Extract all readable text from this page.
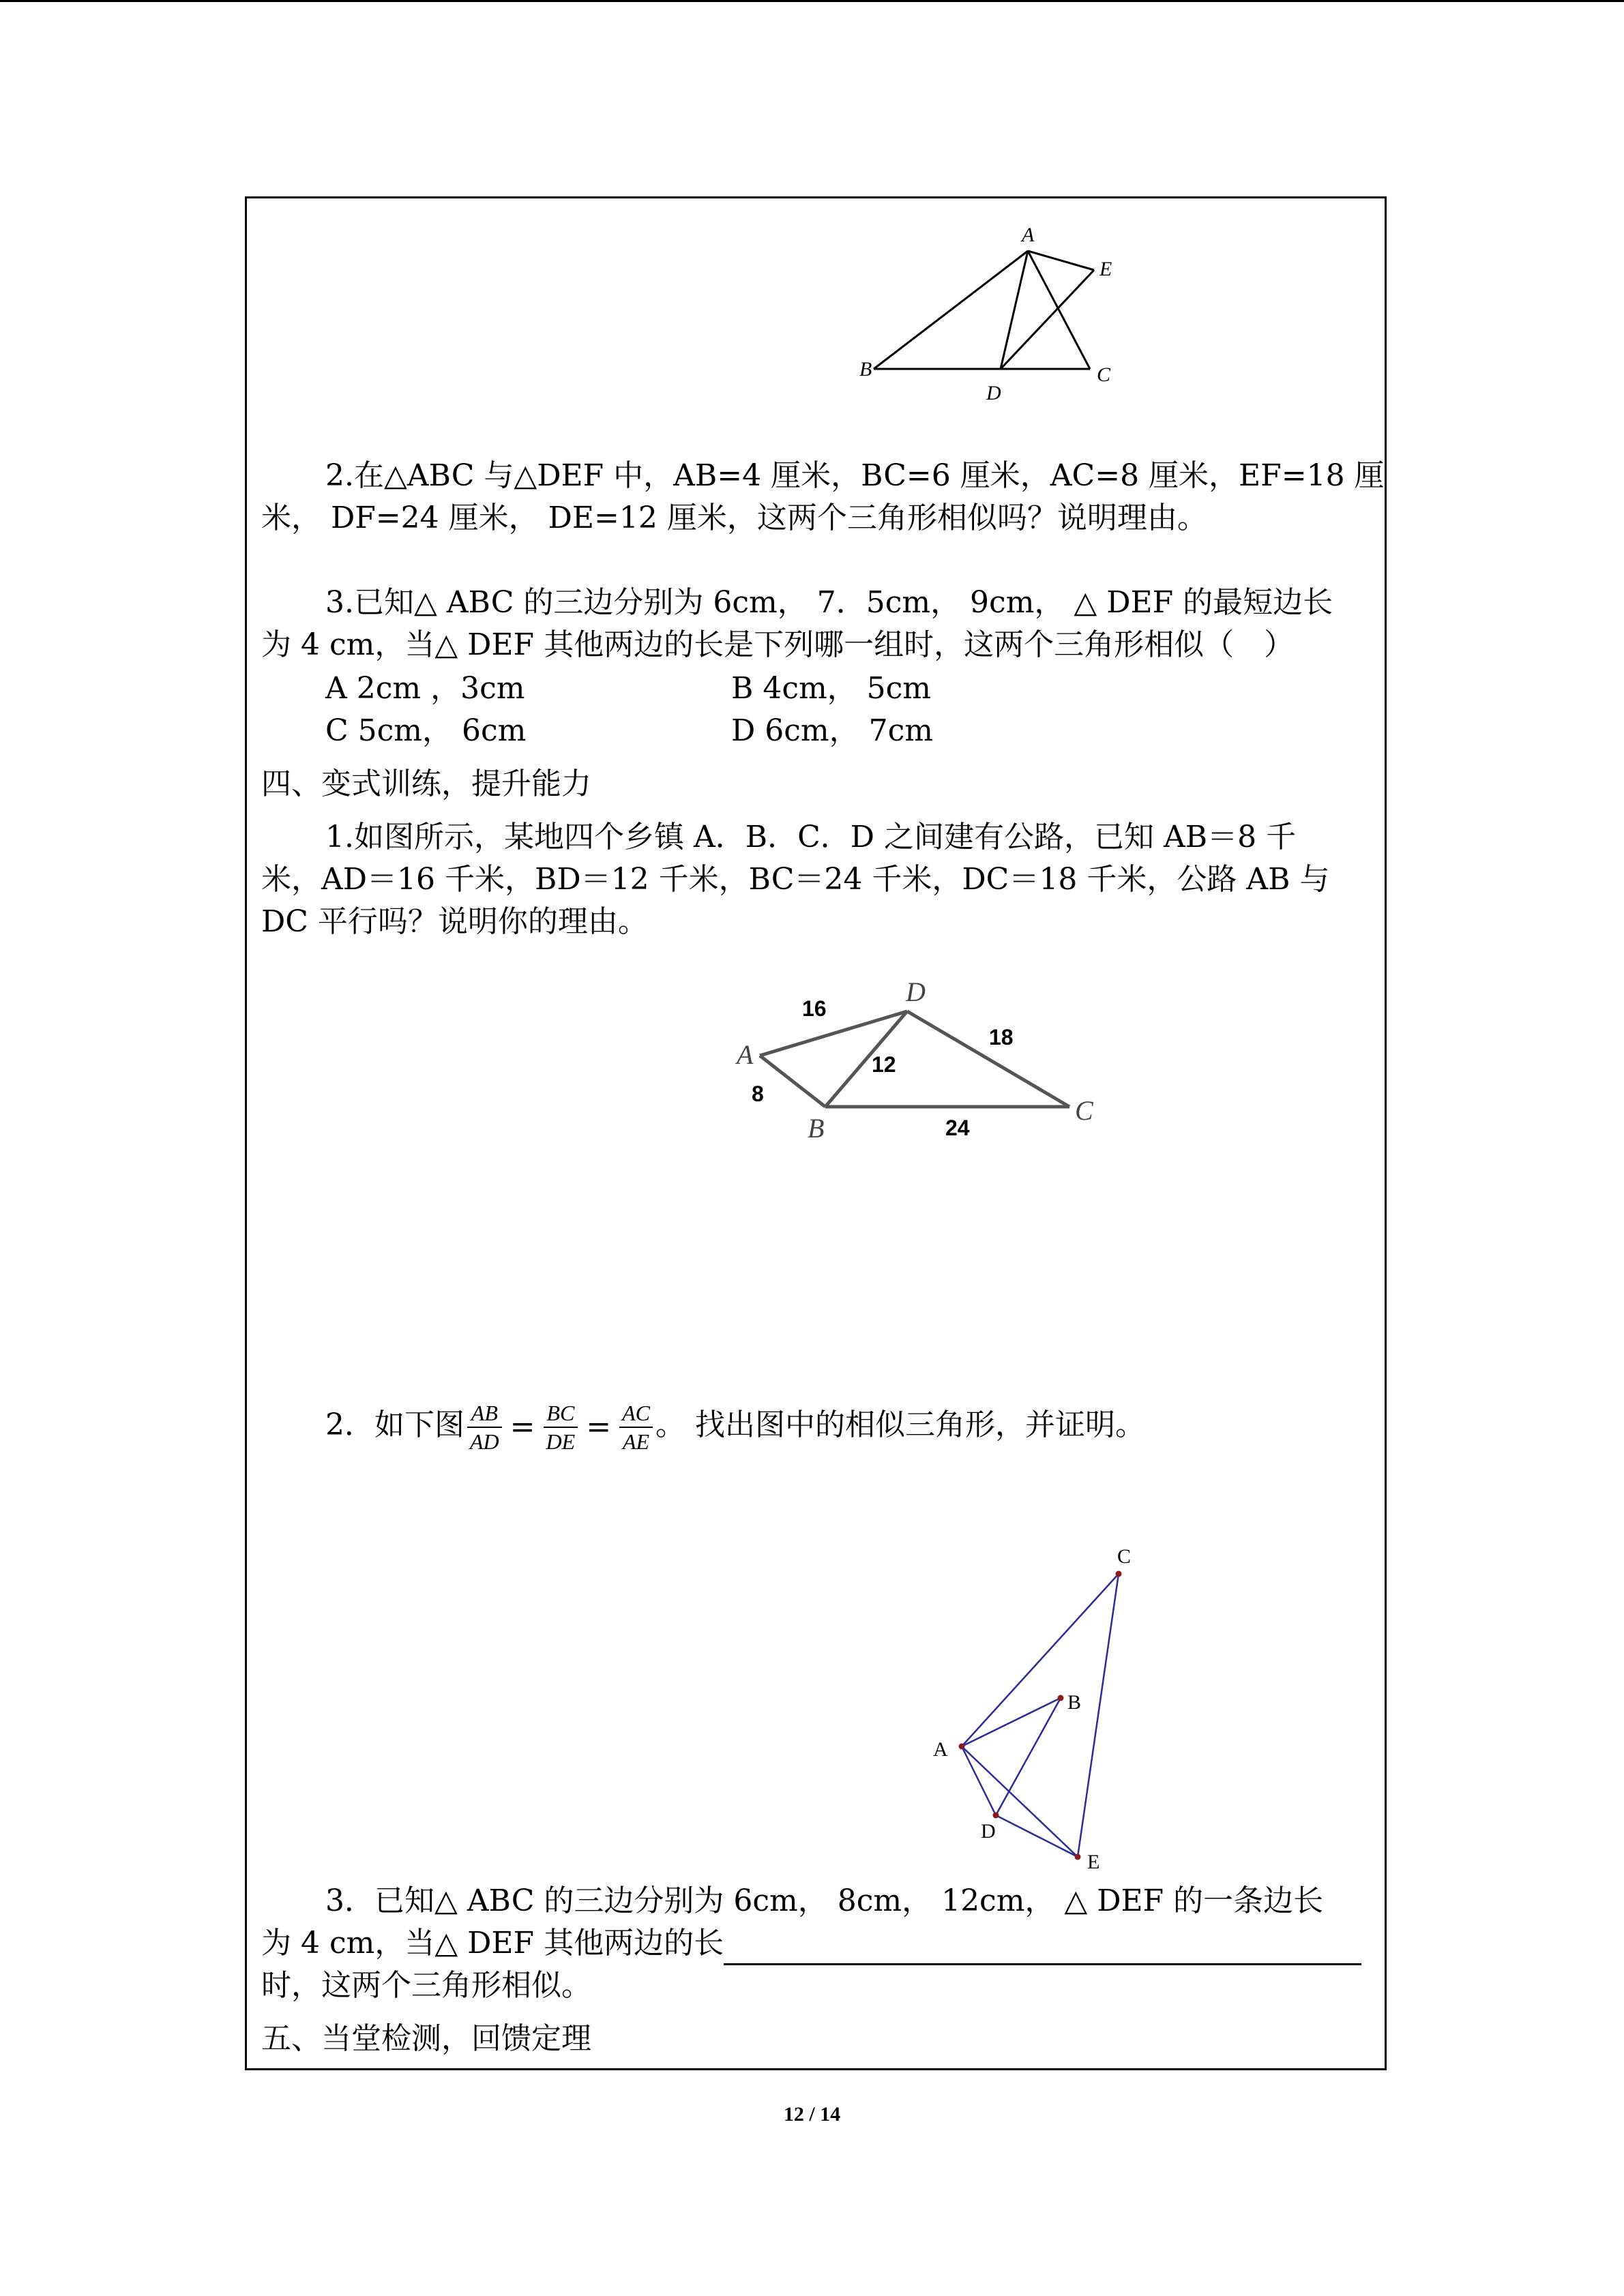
A
E
B	C
D
2.在△ABC 与△DEF 中，AB=4 厘米，BC=6 厘米，AC=8 厘米，EF=18 厘
米， DF=24 厘米， DE=12 厘米，这两个三角形相似吗？说明理由。
3.已知△ ABC 的三边分别为 6cm， 7．5cm， 9cm， △ DEF 的最短边长
为 4 cm，当△ DEF 其他两边的长是下列哪一组时，这两个三角形相似（　）
A 2cm ，3cm	B 4cm， 5cm
C 5cm， 6cm	D 6cm， 7cm
四、变式训练，提升能力
1.如图所示，某地四个乡镇 A．B．C．D 之间建有公路，已知 AB＝8 千
米，AD＝16 千米，BD＝12 千米，BC＝24 千米，DC＝18 千米，公路 AB 与
DC 平行吗？说明你的理由。
D
A
B
C
16
18
12
8
24
2．如下图 $\frac{AB}{AD} = \frac{BC}{DE} = \frac{AC}{AE}$ 。 找出图中的相似三角形，并证明。
C
B
A
D
E
3．已知△ ABC 的三边分别为 6cm， 8cm， 12cm， △ DEF 的一条边长
为 4 cm，当△ DEF 其他两边的长
时，这两个三角形相似。
五、当堂检测，回馈定理
12 / 14
